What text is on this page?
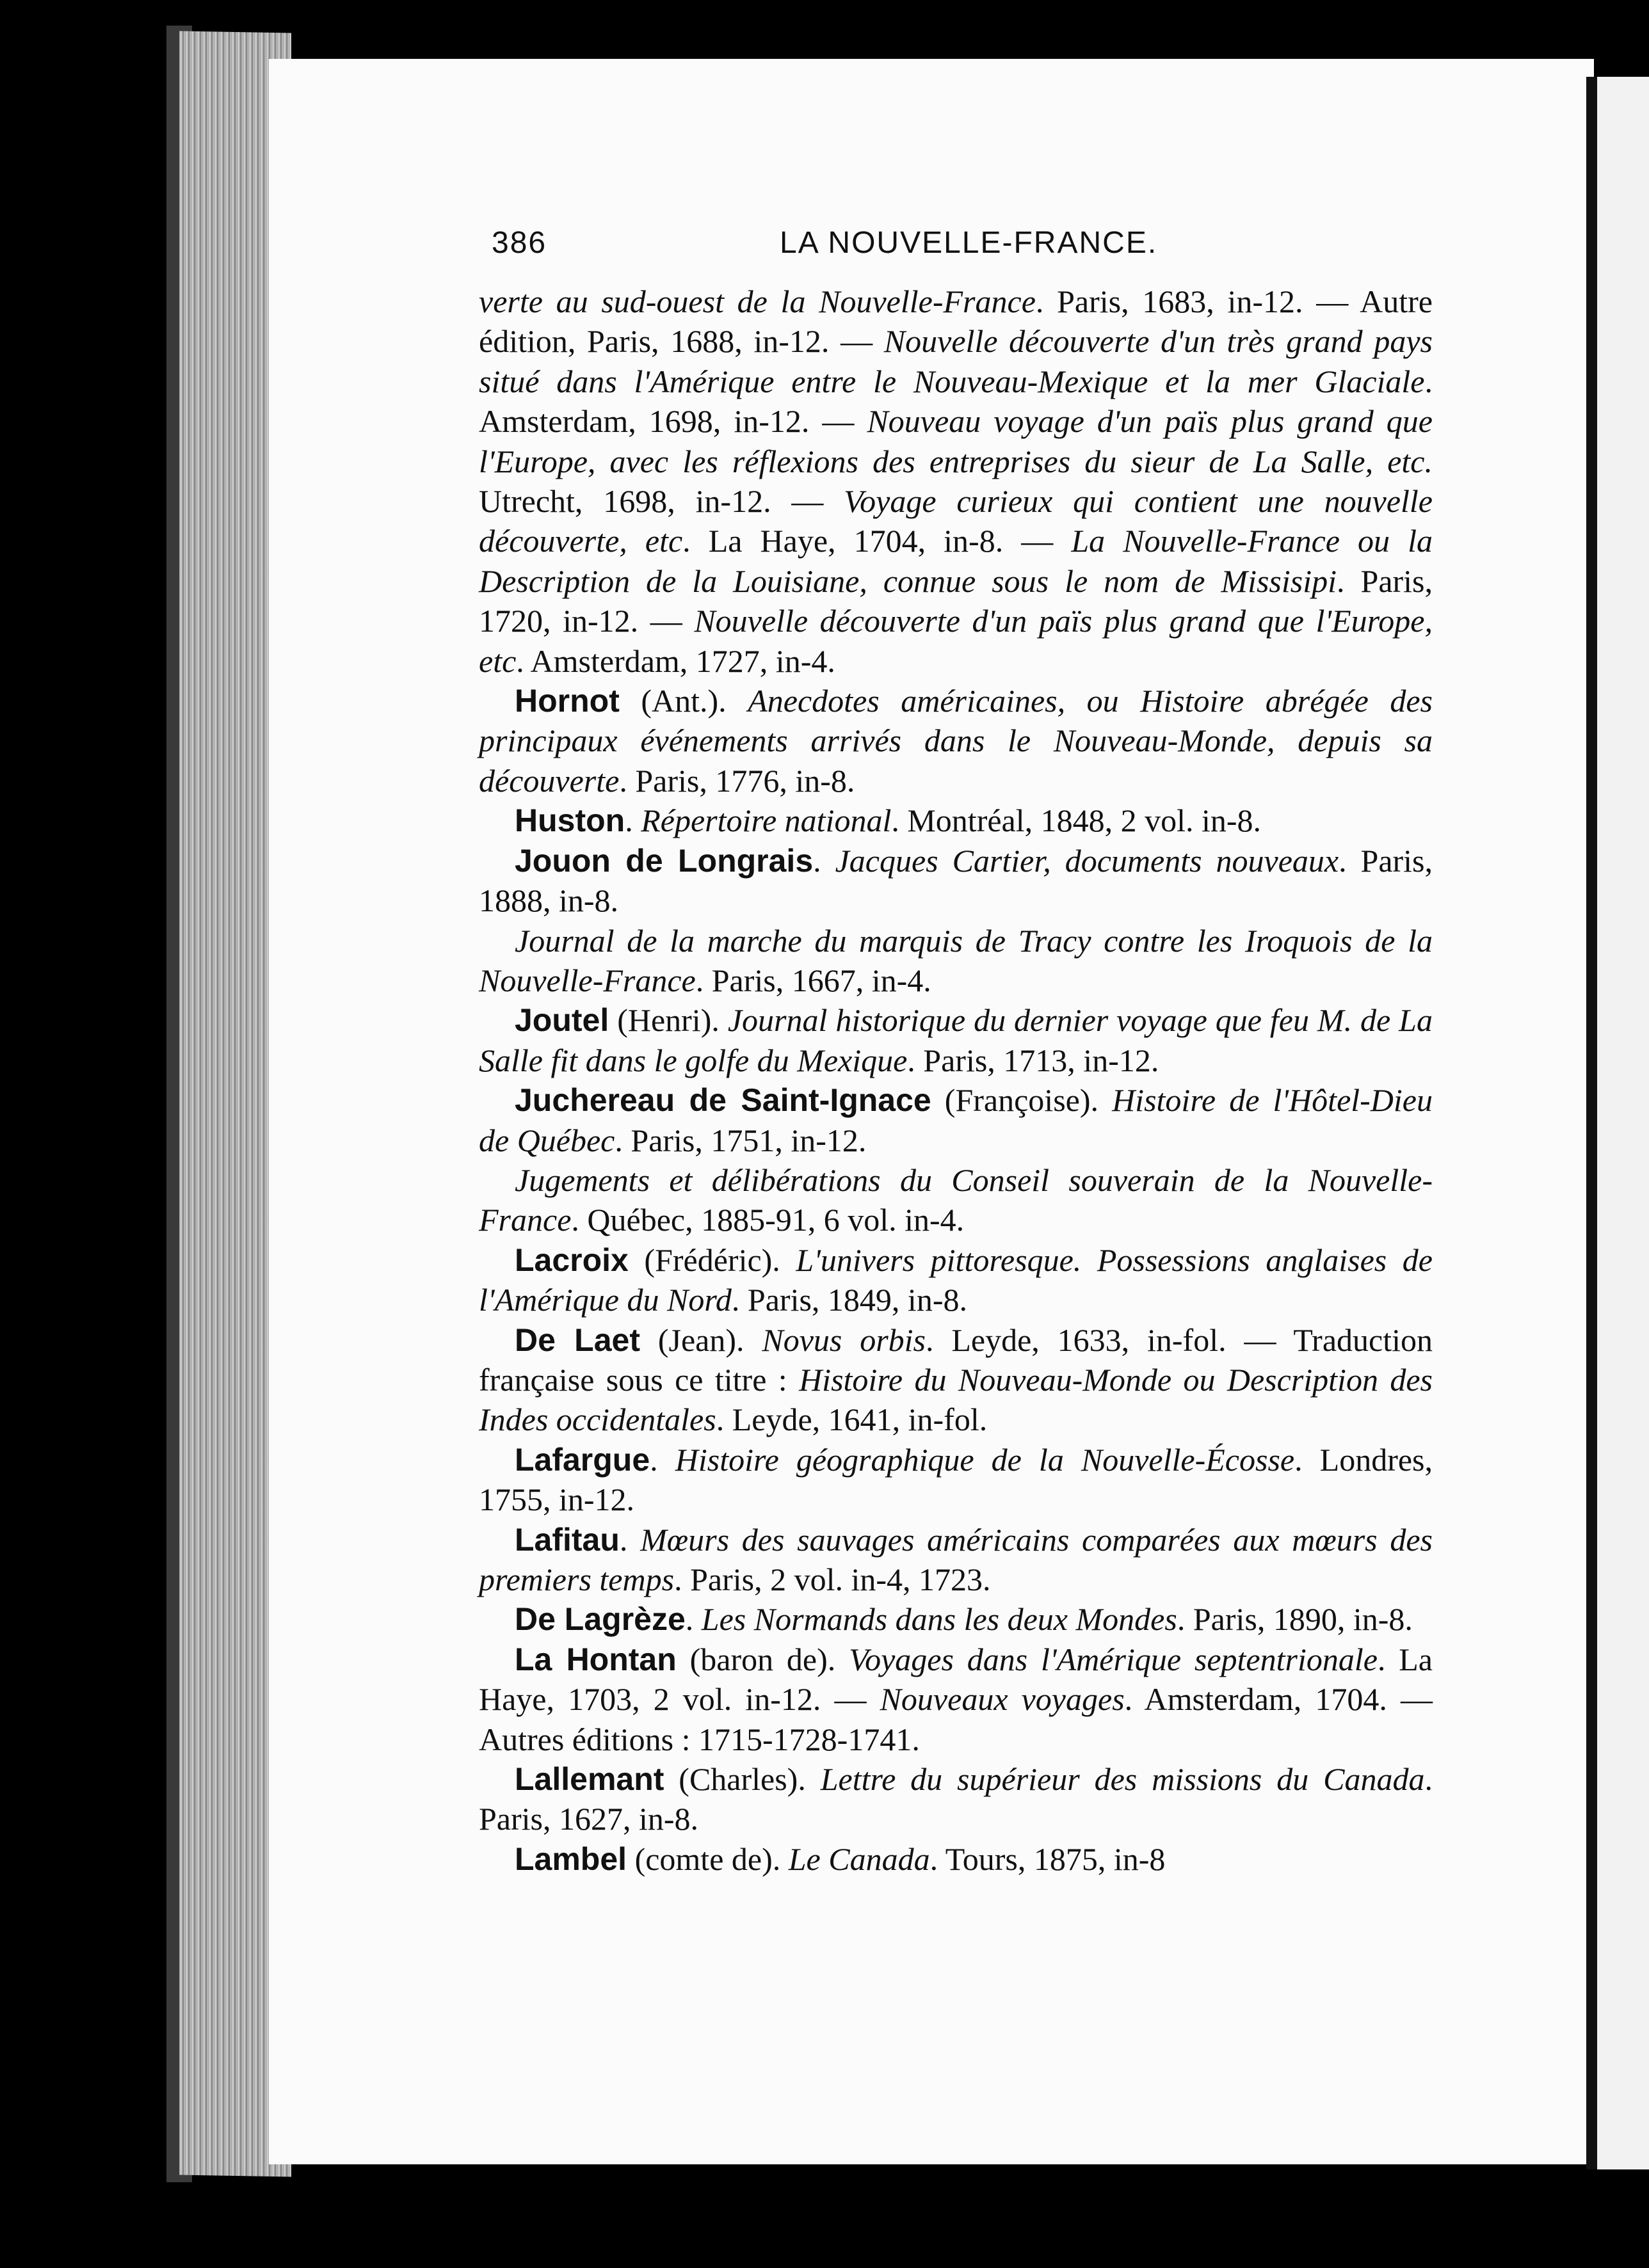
386	LA NOUVELLE-FRANCE.

verte au sud-ouest de la Nouvelle-France. Paris, 1683, in-12. — Autre édition, Paris, 1688, in-12. — Nouvelle découverte d'un très grand pays situé dans l'Amérique entre le Nouveau-Mexique et la mer Glaciale. Amsterdam, 1698, in-12. — Nouveau voyage d'un païs plus grand que l'Europe, avec les réflexions des entreprises du sieur de La Salle, etc. Utrecht, 1698, in-12. — Voyage curieux qui contient une nouvelle découverte, etc. La Haye, 1704, in-8. — La Nouvelle-France ou la Description de la Louisiane, connue sous le nom de Missisipi. Paris, 1720, in-12. — Nouvelle découverte d'un païs plus grand que l'Europe, etc. Amsterdam, 1727, in-4.

Hornot (Ant.). Anecdotes américaines, ou Histoire abrégée des principaux événements arrivés dans le Nouveau-Monde, depuis sa découverte. Paris, 1776, in-8.

Huston. Répertoire national. Montréal, 1848, 2 vol. in-8.

Jouon de Longrais. Jacques Cartier, documents nouveaux. Paris, 1888, in-8.

Journal de la marche du marquis de Tracy contre les Iroquois de la Nouvelle-France. Paris, 1667, in-4.

Joutel (Henri). Journal historique du dernier voyage que feu M. de La Salle fit dans le golfe du Mexique. Paris, 1713, in-12.

Juchereau de Saint-Ignace (Françoise). Histoire de l'Hôtel-Dieu de Québec. Paris, 1751, in-12.

Jugements et délibérations du Conseil souverain de la Nouvelle-France. Québec, 1885-91, 6 vol. in-4.

Lacroix (Frédéric). L'univers pittoresque. Possessions anglaises de l'Amérique du Nord. Paris, 1849, in-8.

De Laet (Jean). Novus orbis. Leyde, 1633, in-fol. — Traduction française sous ce titre : Histoire du Nouveau-Monde ou Description des Indes occidentales. Leyde, 1641, in-fol.

Lafargue. Histoire géographique de la Nouvelle-Écosse. Londres, 1755, in-12.

Lafitau. Mœurs des sauvages américains comparées aux mœurs des premiers temps. Paris, 2 vol. in-4, 1723.

De Lagrèze. Les Normands dans les deux Mondes. Paris, 1890, in-8.

La Hontan (baron de). Voyages dans l'Amérique septentrionale. La Haye, 1703, 2 vol. in-12. — Nouveaux voyages. Amsterdam, 1704. — Autres éditions : 1715-1728-1741.

Lallemant (Charles). Lettre du supérieur des missions du Canada. Paris, 1627, in-8.

Lambel (comte de). Le Canada. Tours, 1875, in-8
